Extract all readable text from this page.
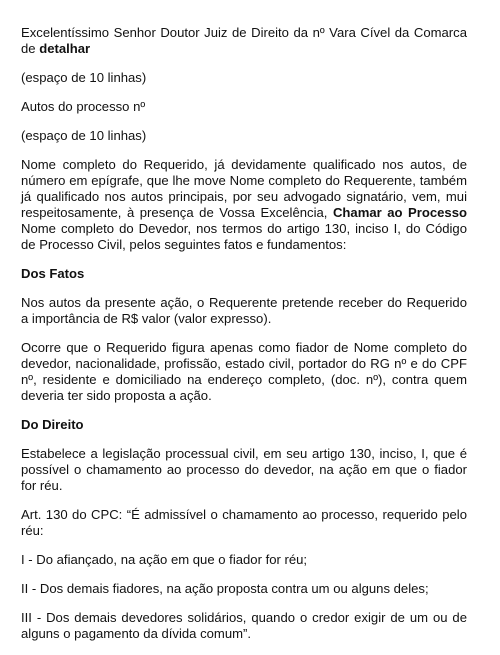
Excelentíssimo Senhor Doutor Juiz de Direito da nº Vara Cível da Comarca de detalhar

(espaço de 10 linhas)

Autos do processo nº

(espaço de 10 linhas)

Nome completo do Requerido, já devidamente qualificado nos autos, de número em epígrafe, que lhe move Nome completo do Requerente, também já qualificado nos autos principais, por seu advogado signatário, vem, mui respeitosamente, à presença de Vossa Excelência, Chamar ao Processo Nome completo do Devedor, nos termos do artigo 130, inciso I, do Código de Processo Civil, pelos seguintes fatos e fundamentos:

Dos Fatos

Nos autos da presente ação, o Requerente pretende receber do Requerido a importância de R$ valor (valor expresso).

Ocorre que o Requerido figura apenas como fiador de Nome completo do devedor, nacionalidade, profissão, estado civil, portador do RG nº e do CPF nº, residente e domiciliado na endereço completo, (doc. nº), contra quem deveria ter sido proposta a ação.

Do Direito

Estabelece a legislação processual civil, em seu artigo 130, inciso, I, que é possível o chamamento ao processo do devedor, na ação em que o fiador for réu.

Art. 130 do CPC: “É admissível o chamamento ao processo, requerido pelo réu:

I - Do afiançado, na ação em que o fiador for réu;

II - Dos demais fiadores, na ação proposta contra um ou alguns deles;

III - Dos demais devedores solidários, quando o credor exigir de um ou de alguns o pagamento da dívida comum”.
